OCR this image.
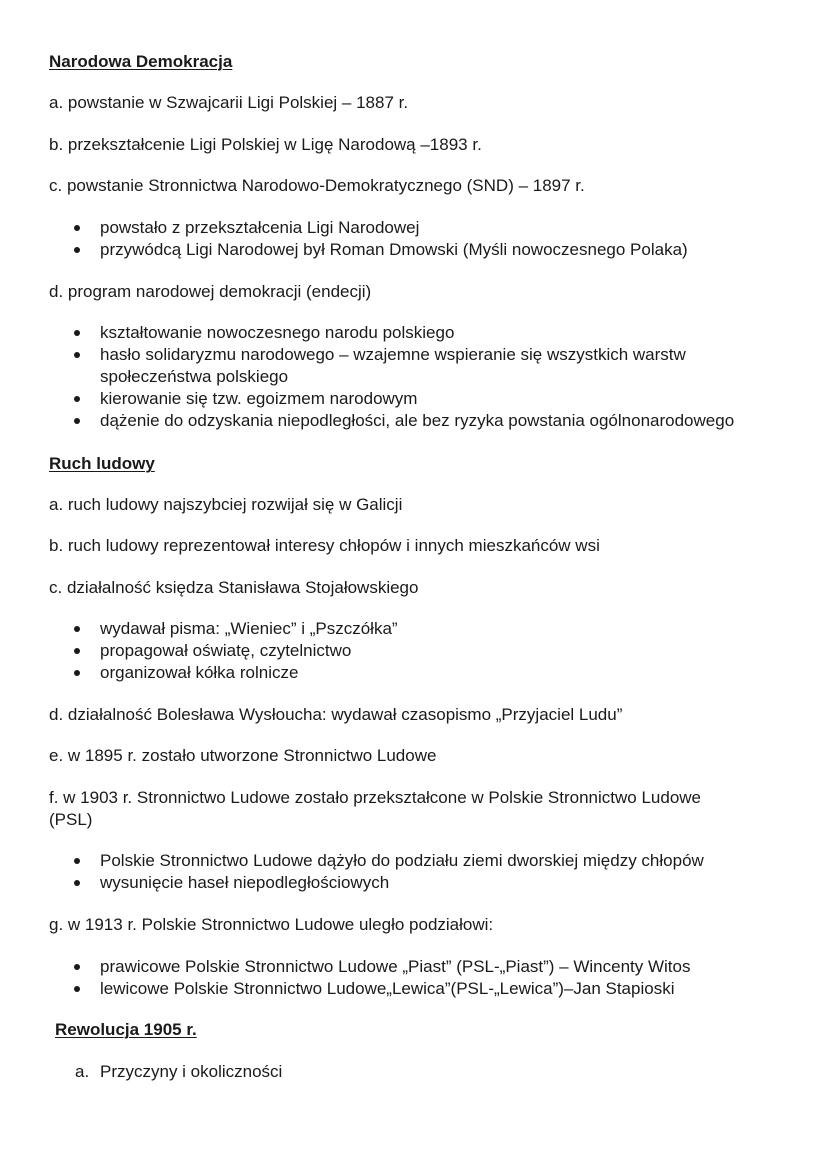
Narodowa Demokracja
a. powstanie w Szwajcarii Ligi Polskiej – 1887 r.
b. przekształcenie Ligi Polskiej w Ligę Narodową –1893 r.
c. powstanie Stronnictwa Narodowo-Demokratycznego (SND) – 1897 r.
powstało z przekształcenia Ligi Narodowej
przywódcą Ligi Narodowej był Roman Dmowski (Myśli nowoczesnego Polaka)
d. program narodowej demokracji (endecji)
kształtowanie nowoczesnego narodu polskiego
hasło solidaryzmu narodowego – wzajemne wspieranie się wszystkich warstw społeczeństwa polskiego
kierowanie się tzw. egoizmem narodowym
dążenie do odzyskania niepodległości, ale bez ryzyka powstania ogólnonarodowego
Ruch ludowy
a. ruch ludowy najszybciej rozwijał się w Galicji
b. ruch ludowy reprezentował interesy chłopów i innych mieszkańców wsi
c. działalność księdza Stanisława Stojałowskiego
wydawał pisma: „Wieniec” i „Pszczółka”
propagował oświatę, czytelnictwo
organizował kółka rolnicze
d. działalność Bolesława Wysłoucha: wydawał czasopismo „Przyjaciel Ludu”
e. w 1895 r. zostało utworzone Stronnictwo Ludowe
f. w 1903 r. Stronnictwo Ludowe zostało przekształcone w Polskie Stronnictwo Ludowe
(PSL)
Polskie Stronnictwo Ludowe dążyło do podziału ziemi dworskiej między chłopów
wysunięcie haseł niepodległościowych
g. w 1913 r. Polskie Stronnictwo Ludowe uległo podziałowi:
prawicowe Polskie Stronnictwo Ludowe „Piast” (PSL-„Piast”) – Wincenty Witos
lewicowe Polskie Stronnictwo Ludowe„Lewica”(PSL-„Lewica”)–Jan Stapioski
Rewolucja 1905 r.
a. Przyczyny i okoliczności
